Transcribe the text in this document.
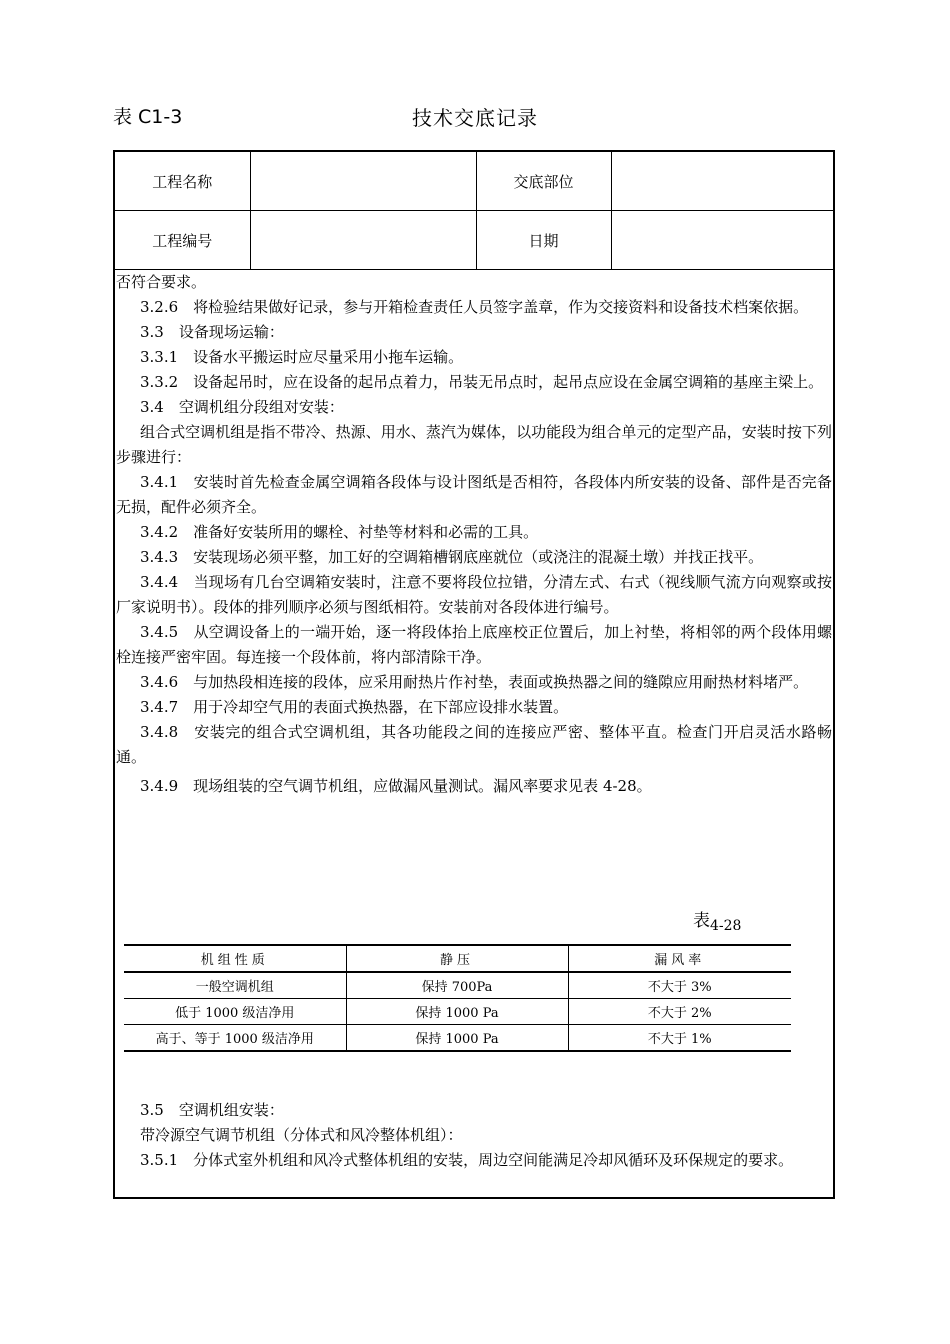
表 C1-3	技术交底记录
工程名称		交底部位	
工程编号		日期	

否符合要求。

3.2.6　将检验结果做好记录，参与开箱检查责任人员签字盖章，作为交接资料和设备技术档案依据。

3.3　设备现场运输：

3.3.1　设备水平搬运时应尽量采用小拖车运输。

3.3.2　设备起吊时，应在设备的起吊点着力，吊装无吊点时，起吊点应设在金属空调箱的基座主梁上。

3.4　空调机组分段组对安装：

组合式空调机组是指不带冷、热源、用水、蒸汽为媒体，以功能段为组合单元的定型产品，安装时按下列步骤进行：

3.4.1　安装时首先检查金属空调箱各段体与设计图纸是否相符，各段体内所安装的设备、部件是否完备无损，配件必须齐全。

3.4.2　准备好安装所用的螺栓、衬垫等材料和必需的工具。

3.4.3　安装现场必须平整，加工好的空调箱槽钢底座就位（或浇注的混凝土墩）并找正找平。

3.4.4　当现场有几台空调箱安装时，注意不要将段位拉错，分清左式、右式（视线顺气流方向观察或按厂家说明书）。段体的排列顺序必须与图纸相符。安装前对各段体进行编号。

3.4.5　从空调设备上的一端开始，逐一将段体抬上底座校正位置后，加上衬垫，将相邻的两个段体用螺栓连接严密牢固。每连接一个段体前，将内部清除干净。

3.4.6　与加热段相连接的段体，应采用耐热片作衬垫，表面或换热器之间的缝隙应用耐热材料堵严。

3.4.7　用于冷却空气用的表面式换热器，在下部应设排水装置。

3.4.8　安装完的组合式空调机组，其各功能段之间的连接应严密、整体平直。检查门开启灵活水路畅通。

3.4.9　现场组装的空气调节机组，应做漏风量测试。漏风率要求见表 4-28。

表$_{4-28}$
机组性质	静压	漏风率
一般空调机组	保持 700Pa	不大于 3%
低于 1000 级洁净用	保持 1000 Pa	不大于 2%
高于、等于 1000 级洁净用	保持 1000 Pa	不大于 1%

3.5　空调机组安装：

带冷源空气调节机组（分体式和风冷整体机组）：

3.5.1　分体式室外机组和风冷式整体机组的安装，周边空间能满足冷却风循环及环保规定的要求。
